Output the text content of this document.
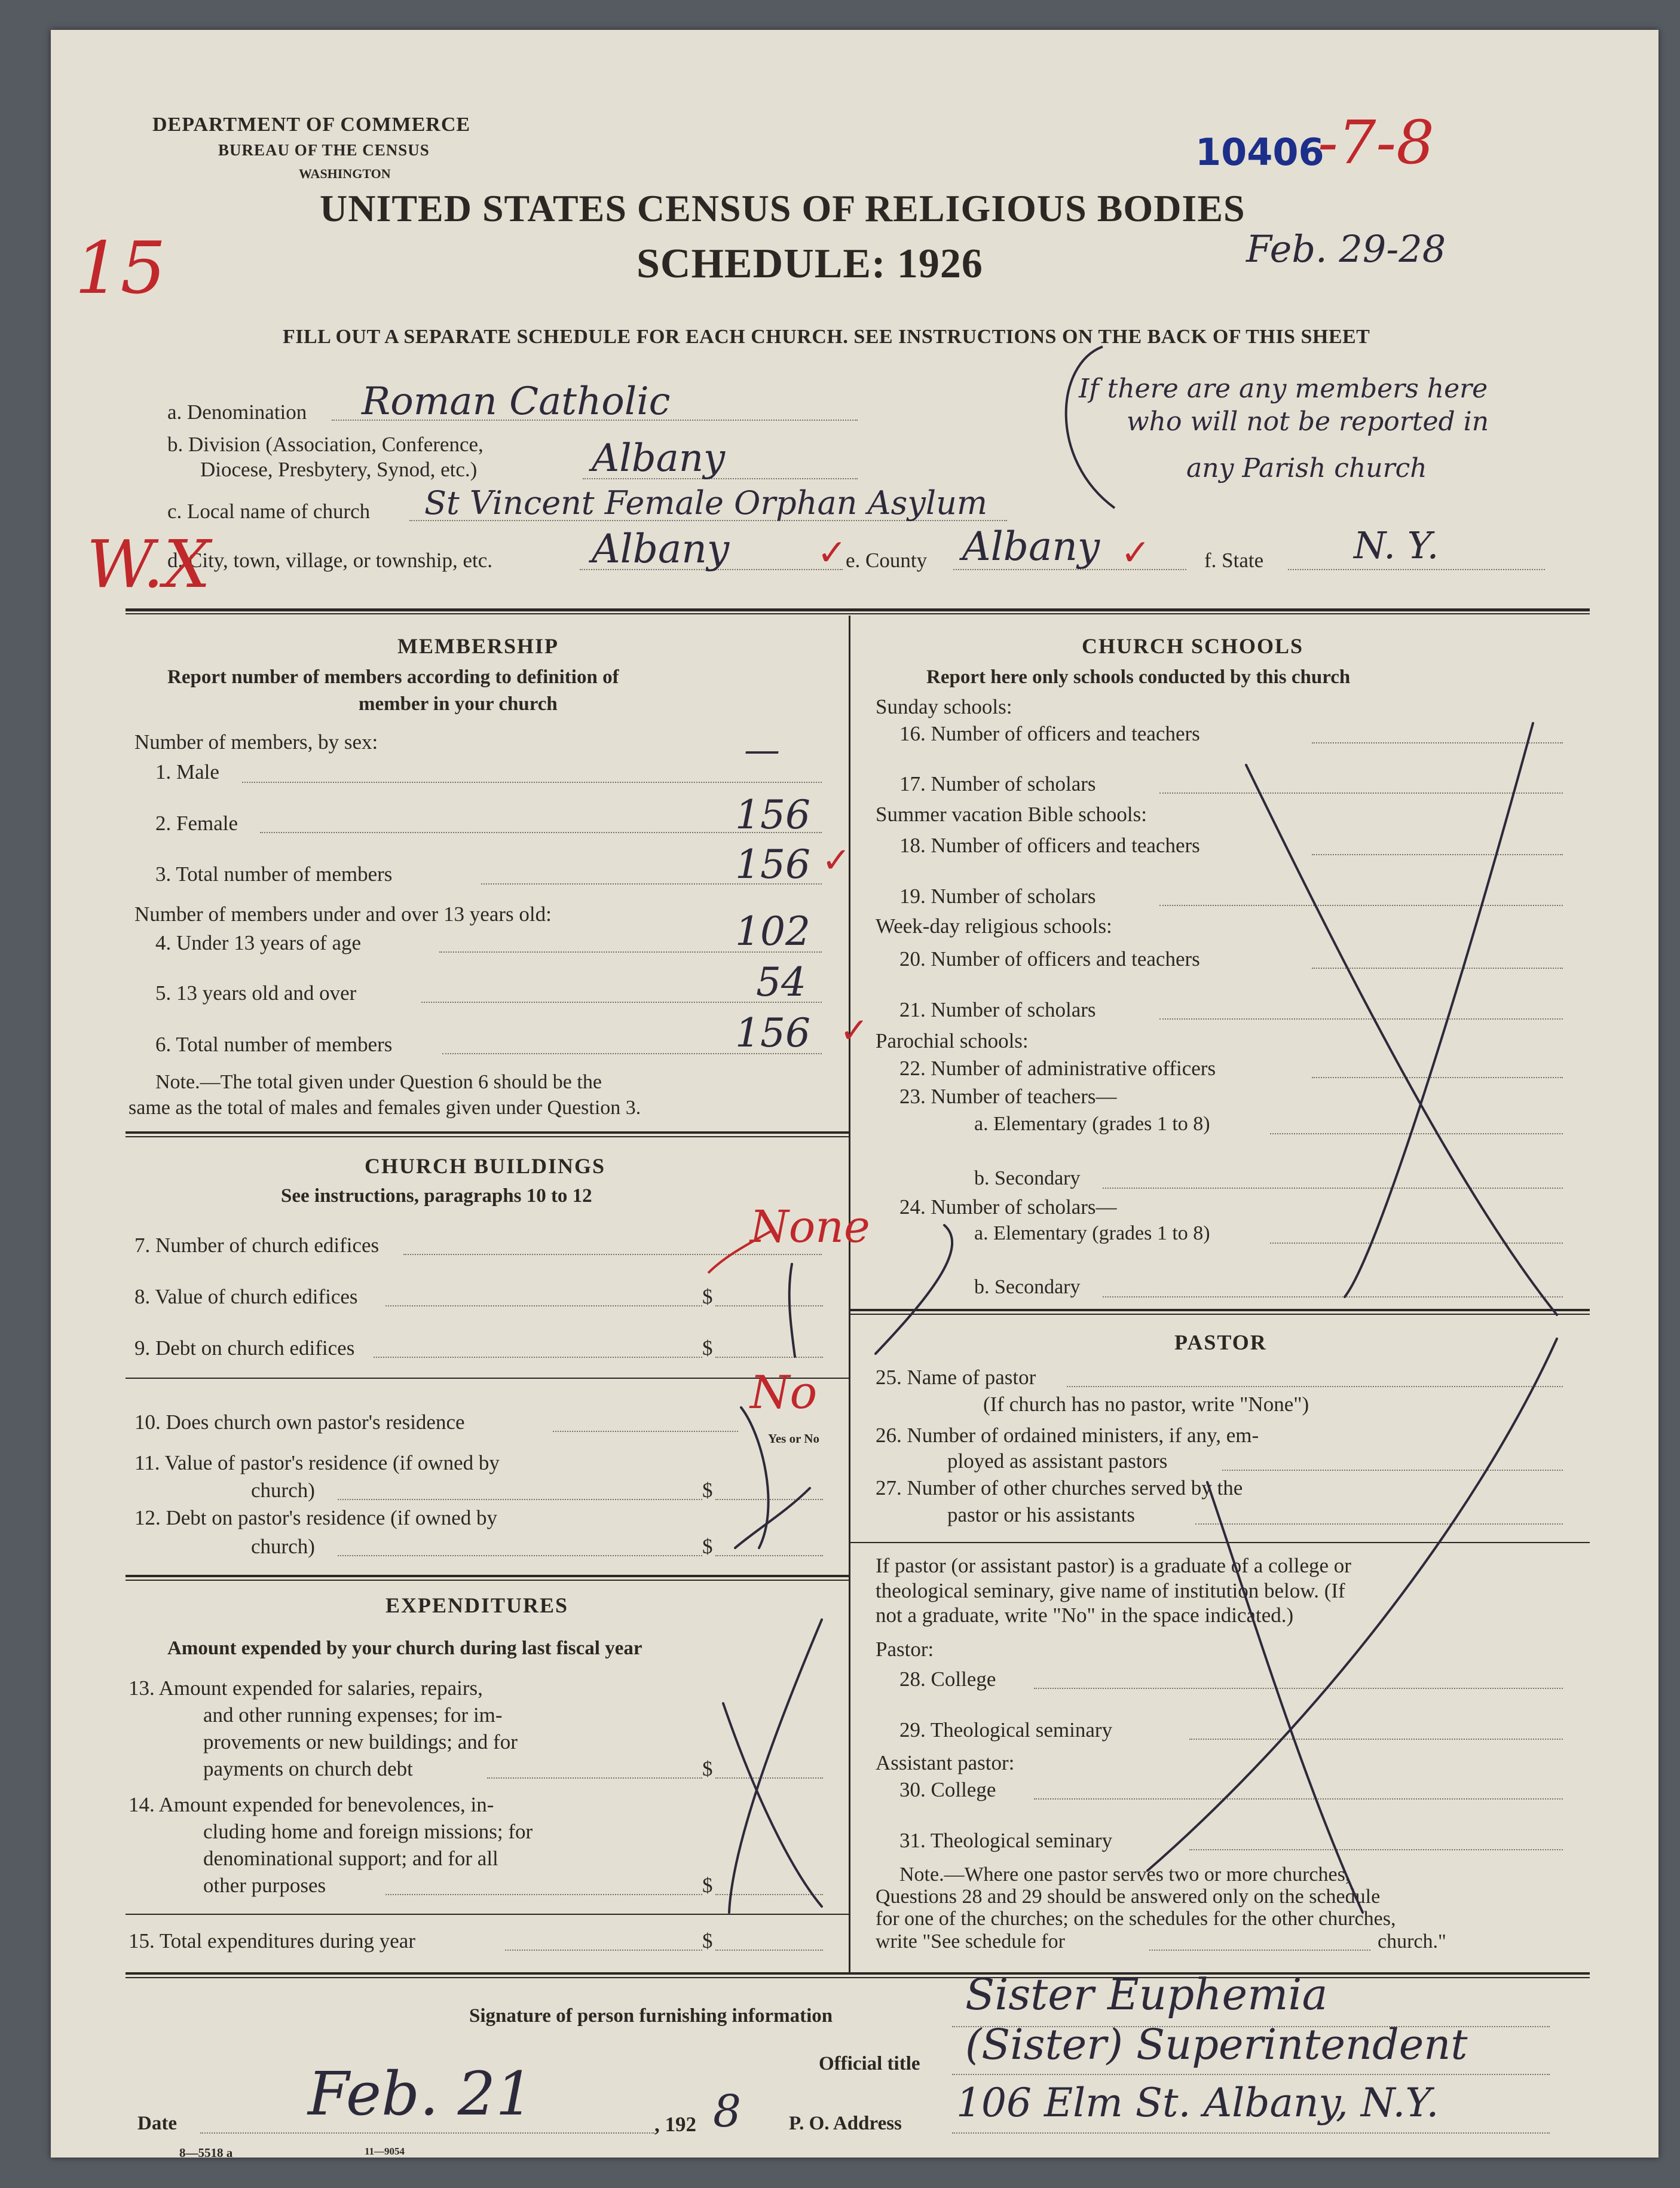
DEPARTMENT OF COMMERCE
BUREAU OF THE CENSUS
WASHINGTON
UNITED STATES CENSUS OF RELIGIOUS BODIES
SCHEDULE: 1926
FILL OUT A SEPARATE SCHEDULE FOR EACH CHURCH. SEE INSTRUCTIONS ON THE BACK OF THIS SHEET
10406
-7-8
Feb. 29-28
15
a. Denomination Roman Catholic
b. Division (Association, Conference,
Diocese, Presbytery, Synod, etc.)	Albany
c. Local name of church St Vincent Female Orphan Asylum
d. City, town, village, or township, etc.	Albany ✓
e. County Albany ✓	f. State N. Y.
If there are any members here
who will not be reported in
any Parish church
W.X
MEMBERSHIP
Report number of members according to definition of
member in your church
Number of members, by sex:
1. Male
—
2. Female	156
3. Total number of members	156 ✓
Number of members under and over 13 years old:
4. Under 13 years of age	102
5. 13 years old and over	54
6. Total number of members	156 ✓
Note.—The total given under Question 6 should be the
same as the total of males and females given under Question 3.
CHURCH BUILDINGS
See instructions, paragraphs 10 to 12
7. Number of church edifices	None
8. Value of church edifices	$
9. Debt on church edifices	$
10. Does church own pastor's residence
No
Yes or No
11. Value of pastor's residence (if owned by
church)	$
12. Debt on pastor's residence (if owned by
church)	$
EXPENDITURES
Amount expended by your church during last fiscal year
13. Amount expended for salaries, repairs,
and other running expenses; for im-
provements or new buildings; and for
payments on church debt	$
14. Amount expended for benevolences, in-
cluding home and foreign missions; for
denominational support; and for all
other purposes	$
15. Total expenditures during year	$
CHURCH SCHOOLS
Report here only schools conducted by this church
Sunday schools:
16. Number of officers and teachers
17. Number of scholars
Summer vacation Bible schools:
18. Number of officers and teachers
19. Number of scholars
Week-day religious schools:
20. Number of officers and teachers
21. Number of scholars
Parochial schools:
22. Number of administrative officers
23. Number of teachers—
a. Elementary (grades 1 to 8)
b. Secondary
24. Number of scholars—
a. Elementary (grades 1 to 8)
b. Secondary
PASTOR
25. Name of pastor
(If church has no pastor, write "None")
26. Number of ordained ministers, if any, em-
ployed as assistant pastors
27. Number of other churches served by the
pastor or his assistants
If pastor (or assistant pastor) is a graduate of a college or
theological seminary, give name of institution below. (If
not a graduate, write "No" in the space indicated.)
Pastor:
28. College
29. Theological seminary
Assistant pastor:
30. College
31. Theological seminary
Note.—Where one pastor serves two or more churches,
Questions 28 and 29 should be answered only on the schedule
for one of the churches; on the schedules for the other churches,
write "See schedule for	church."
Signature of person furnishing information	Sister Euphemia
Official title (Sister) Superintendent
Date Feb. 21	, 192 8 P. O. Address 106 Elm St. Albany, N.Y.
8—5518 a	11—9054
